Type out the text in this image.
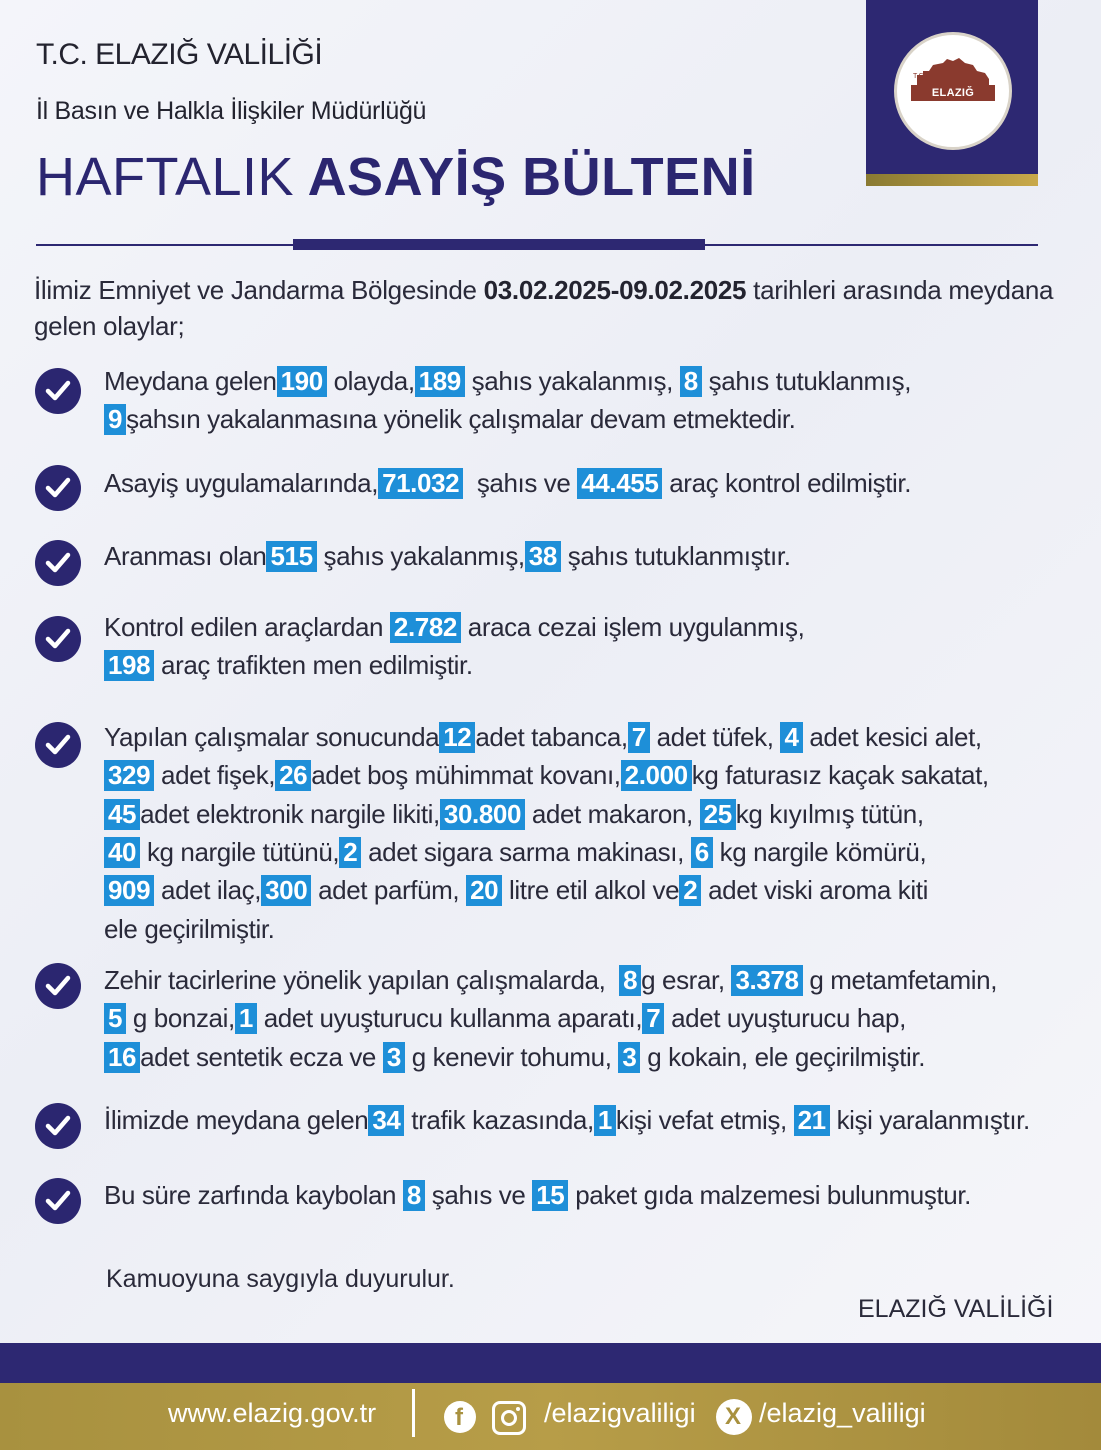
T.C. ELAZIĞ VALİLİĞİ
İl Basın ve Halkla İlişkiler Müdürlüğü
HAFTALIK ASAYİŞ BÜLTENİ
T.C.
ELAZIĞ VALİLİĞİ
İlimiz Emniyet ve Jandarma Bölgesinde 03.02.2025-09.02.2025 tarihleri arasında meydana gelen olaylar;
Meydana gelen 190 olayda, 189 şahıs yakalanmış, 8 şahıs tutuklanmış,
9 şahsın yakalanmasına yönelik çalışmalar devam etmektedir.
Asayiş uygulamalarında, 71.032  şahıs ve 44.455 araç kontrol edilmiştir.
Aranması olan 515 şahıs yakalanmış, 38 şahıs tutuklanmıştır.
Kontrol edilen araçlardan 2.782 araca cezai işlem uygulanmış,
198 araç trafikten men edilmiştir.
Yapılan çalışmalar sonucunda 12 adet tabanca, 7 adet tüfek, 4 adet kesici alet,
329 adet fişek, 26 adet boş mühimmat kovanı, 2.000 kg faturasız kaçak sakatat,
45 adet elektronik nargile likiti, 30.800 adet makaron, 25 kg kıyılmış tütün,
40 kg nargile tütünü, 2 adet sigara sarma makinası, 6 kg nargile kömürü,
909 adet ilaç, 300 adet parfüm, 20 litre etil alkol ve 2 adet viski aroma kiti
ele geçirilmiştir.
Zehir tacirlerine yönelik yapılan çalışmalarda,  8 g esrar, 3.378 g metamfetamin,
5 g bonzai, 1 adet uyuşturucu kullanma aparatı, 7 adet uyuşturucu hap,
16 adet sentetik ecza ve 3 g kenevir tohumu, 3 g kokain, ele geçirilmiştir.
İlimizde meydana gelen 34 trafik kazasında, 1 kişi vefat etmiş, 21 kişi yaralanmıştır.
Bu süre zarfında kaybolan 8 şahıs ve 15 paket gıda malzemesi bulunmuştur.
Kamuoyuna saygıyla duyurulur.
ELAZIĞ VALİLİĞİ
www.elazig.gov.tr	f	/elazigvaliligi X /elazig_valiligi
